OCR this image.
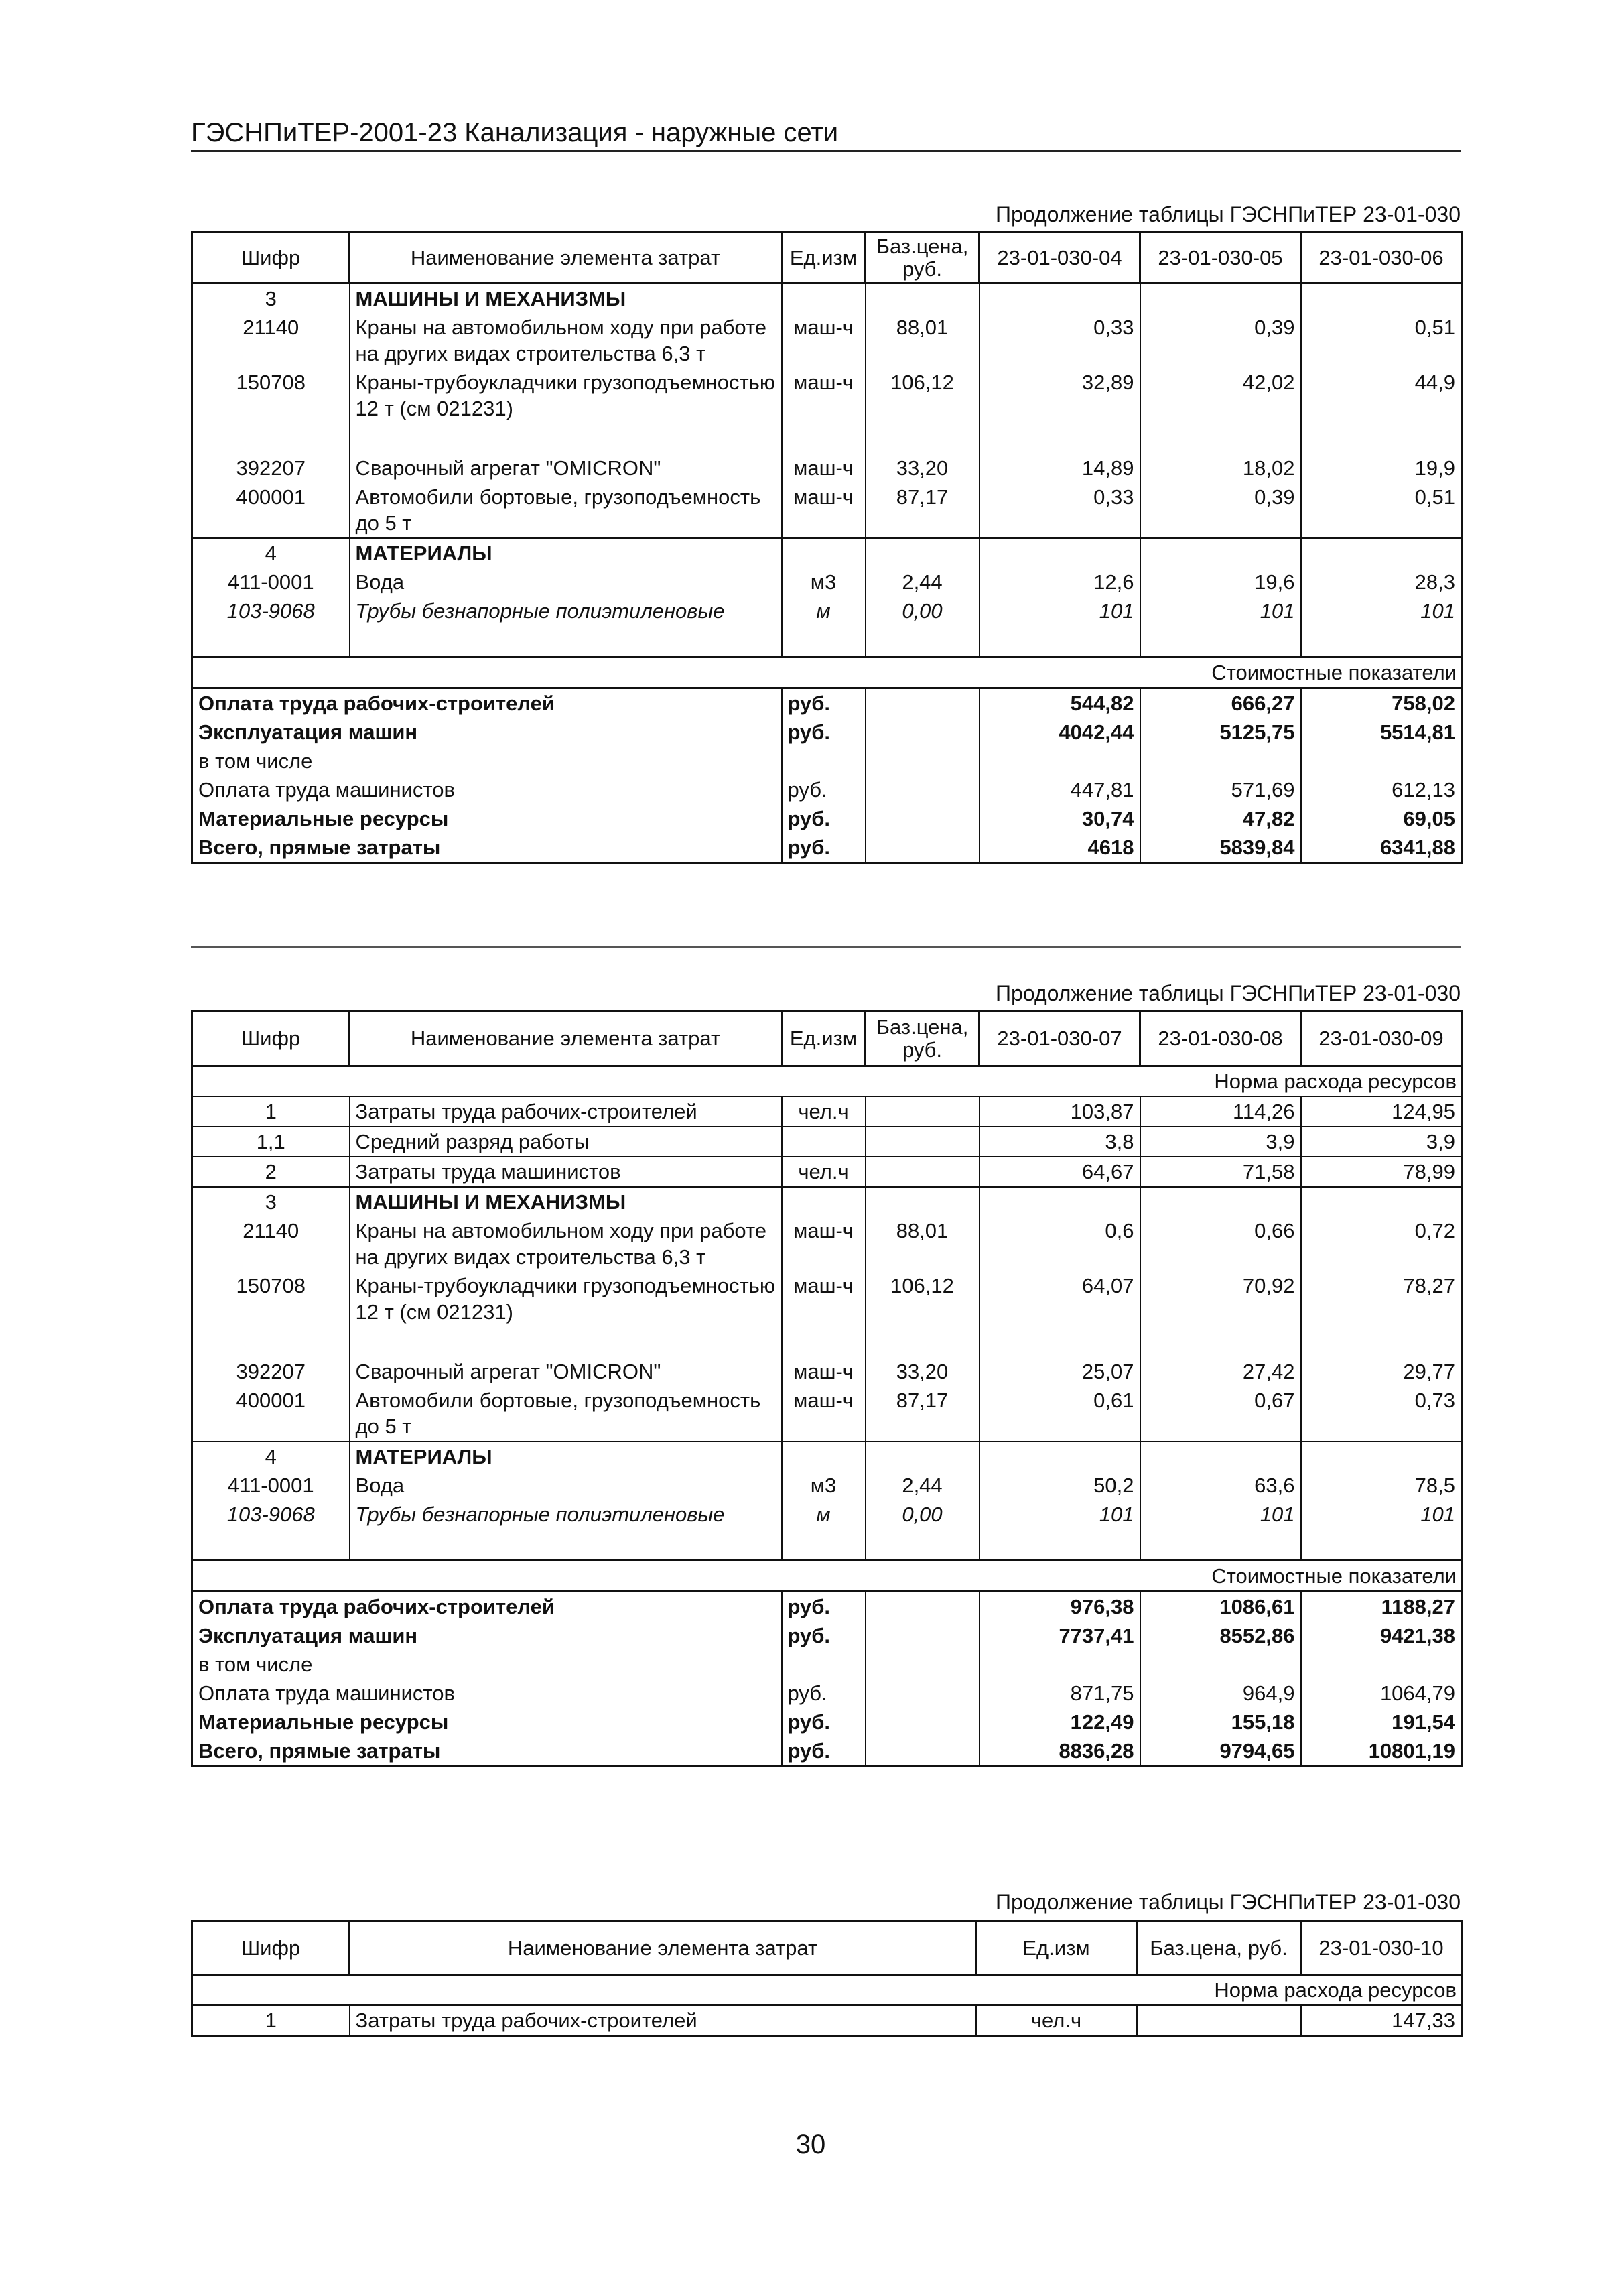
ГЭСНПиТЕР-2001-23 Канализация - наружные сети
Продолжение таблицы ГЭСНПиТЕР 23-01-030
Шифр	Наименование элемента затрат	Ед.изм	Баз.цена, руб.	23-01-030-04	23-01-030-05	23-01-030-06
3	МАШИНЫ И МЕХАНИЗМЫ					
21140	Краны на автомобильном ходу при работе на других видах строительства 6,3 т	маш-ч	88,01	0,33	0,39	0,51
150708	Краны-трубоукладчики грузоподъемностью 12 т (см 021231)	маш-ч	106,12	32,89	42,02	44,9

392207	Сварочный агрегат "OMICRON"	маш-ч	33,20	14,89	18,02	19,9
400001	Автомобили бортовые, грузоподъемность до 5 т	маш-ч	87,17	0,33	0,39	0,51
4	МАТЕРИАЛЫ					
411-0001	Вода	м3	2,44	12,6	19,6	28,3
103-9068	Трубы безнапорные полиэтиленовые	м	0,00	101	101	101

Стоимостные показатели						
Оплата труда рабочих-строителей		руб.		544,82	666,27	758,02
Эксплуатация машин		руб.		4042,44	5125,75	5514,81
в том числе						
Оплата труда машинистов		руб.		447,81	571,69	612,13
Материальные ресурсы		руб.		30,74	47,82	69,05
Всего, прямые затраты		руб.		4618	5839,84	6341,88
Продолжение таблицы ГЭСНПиТЕР 23-01-030
Шифр	Наименование элемента затрат	Ед.изм	Баз.цена, руб.	23-01-030-07	23-01-030-08	23-01-030-09
Норма расхода ресурсов						
1	Затраты труда рабочих-строителей	чел.ч		103,87	114,26	124,95
1,1	Средний разряд работы			3,8	3,9	3,9
2	Затраты труда машинистов	чел.ч		64,67	71,58	78,99
3	МАШИНЫ И МЕХАНИЗМЫ					
21140	Краны на автомобильном ходу при работе на других видах строительства 6,3 т	маш-ч	88,01	0,6	0,66	0,72
150708	Краны-трубоукладчики грузоподъемностью 12 т (см 021231)	маш-ч	106,12	64,07	70,92	78,27

392207	Сварочный агрегат "OMICRON"	маш-ч	33,20	25,07	27,42	29,77
400001	Автомобили бортовые, грузоподъемность до 5 т	маш-ч	87,17	0,61	0,67	0,73
4	МАТЕРИАЛЫ					
411-0001	Вода	м3	2,44	50,2	63,6	78,5
103-9068	Трубы безнапорные полиэтиленовые	м	0,00	101	101	101

Стоимостные показатели						
Оплата труда рабочих-строителей		руб.		976,38	1086,61	1188,27
Эксплуатация машин		руб.		7737,41	8552,86	9421,38
в том числе						
Оплата труда машинистов		руб.		871,75	964,9	1064,79
Материальные ресурсы		руб.		122,49	155,18	191,54
Всего, прямые затраты		руб.		8836,28	9794,65	10801,19
Продолжение таблицы ГЭСНПиТЕР 23-01-030
Шифр	Наименование элемента затрат	Ед.изм	Баз.цена, руб.	23-01-030-10
Норма расхода ресурсов				
1	Затраты труда рабочих-строителей	чел.ч		147,33
30
